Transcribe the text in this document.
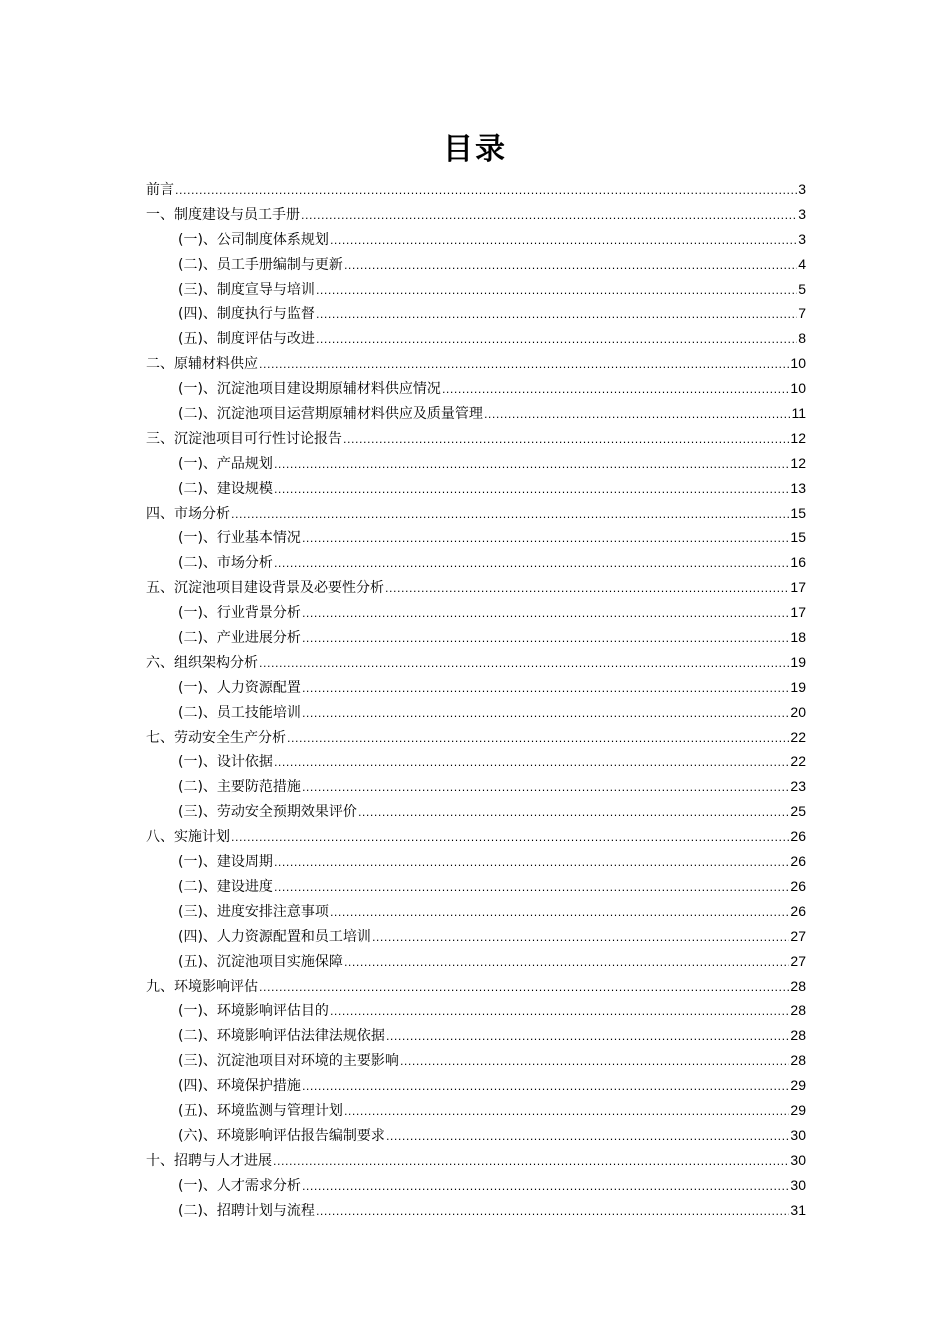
目录
前言 .....	3
一、制度建设与员工手册 .....	3
(一)、公司制度体系规划 .....	3
(二)、员工手册编制与更新 .....	4
(三)、制度宣导与培训 .....	5
(四)、制度执行与监督 .....	7
(五)、制度评估与改进 .....	8
二、原辅材料供应 .....	10
(一)、沉淀池项目建设期原辅材料供应情况 .....	10
(二)、沉淀池项目运营期原辅材料供应及质量管理 .....	11
三、沉淀池项目可行性讨论报告 .....	12
(一)、产品规划 .....	12
(二)、建设规模 .....	13
四、市场分析 .....	15
(一)、行业基本情况 .....	15
(二)、市场分析 .....	16
五、沉淀池项目建设背景及必要性分析 .....	17
(一)、行业背景分析 .....	17
(二)、产业进展分析 .....	18
六、组织架构分析 .....	19
(一)、人力资源配置 .....	19
(二)、员工技能培训 .....	20
七、劳动安全生产分析 .....	22
(一)、设计依据 .....	22
(二)、主要防范措施 .....	23
(三)、劳动安全预期效果评价 .....	25
八、实施计划 .....	26
(一)、建设周期 .....	26
(二)、建设进度 .....	26
(三)、进度安排注意事项 .....	26
(四)、人力资源配置和员工培训 .....	27
(五)、沉淀池项目实施保障 .....	27
九、环境影响评估 .....	28
(一)、环境影响评估目的 .....	28
(二)、环境影响评估法律法规依据 .....	28
(三)、沉淀池项目对环境的主要影响 .....	28
(四)、环境保护措施 .....	29
(五)、环境监测与管理计划 .....	29
(六)、环境影响评估报告编制要求 .....	30
十、招聘与人才进展 .....	30
(一)、人才需求分析 .....	30
(二)、招聘计划与流程 .....	31
